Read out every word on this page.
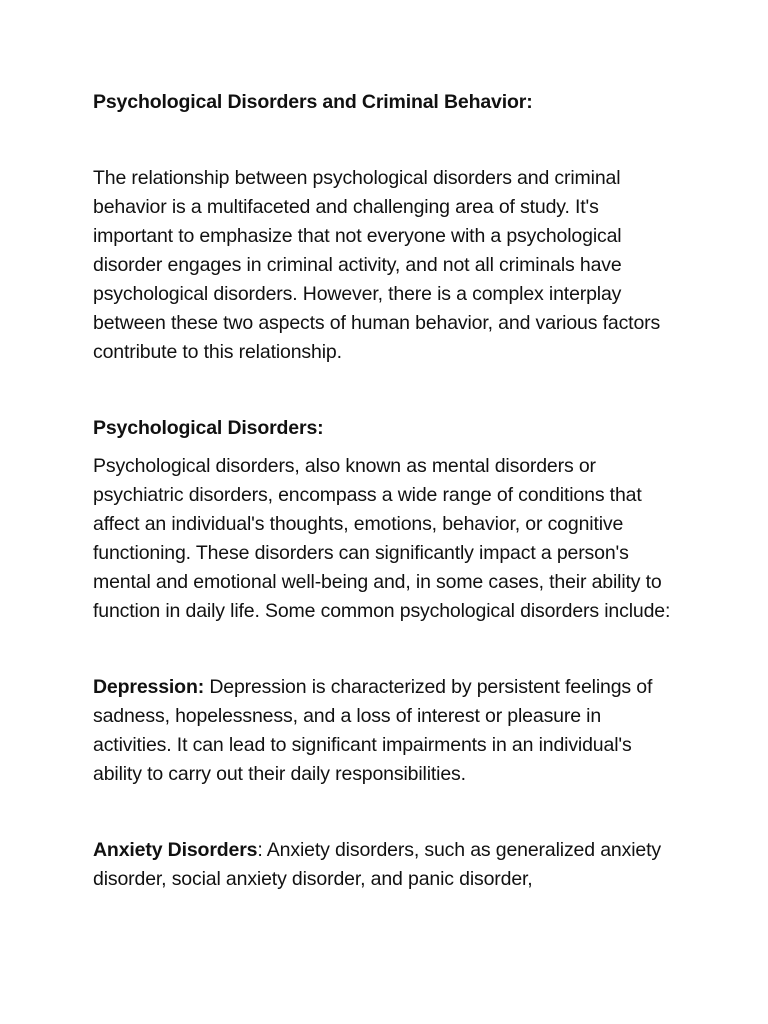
Psychological Disorders and Criminal Behavior:

The relationship between psychological disorders and criminal behavior is a multifaceted and challenging area of study. It's important to emphasize that not everyone with a psychological disorder engages in criminal activity, and not all criminals have psychological disorders. However, there is a complex interplay between these two aspects of human behavior, and various factors contribute to this relationship.

Psychological Disorders:

Psychological disorders, also known as mental disorders or psychiatric disorders, encompass a wide range of conditions that affect an individual's thoughts, emotions, behavior, or cognitive functioning. These disorders can significantly impact a person's mental and emotional well-being and, in some cases, their ability to function in daily life. Some common psychological disorders include:

Depression: Depression is characterized by persistent feelings of sadness, hopelessness, and a loss of interest or pleasure in activities. It can lead to significant impairments in an individual's ability to carry out their daily responsibilities.

Anxiety Disorders: Anxiety disorders, such as generalized anxiety disorder, social anxiety disorder, and panic disorder,
